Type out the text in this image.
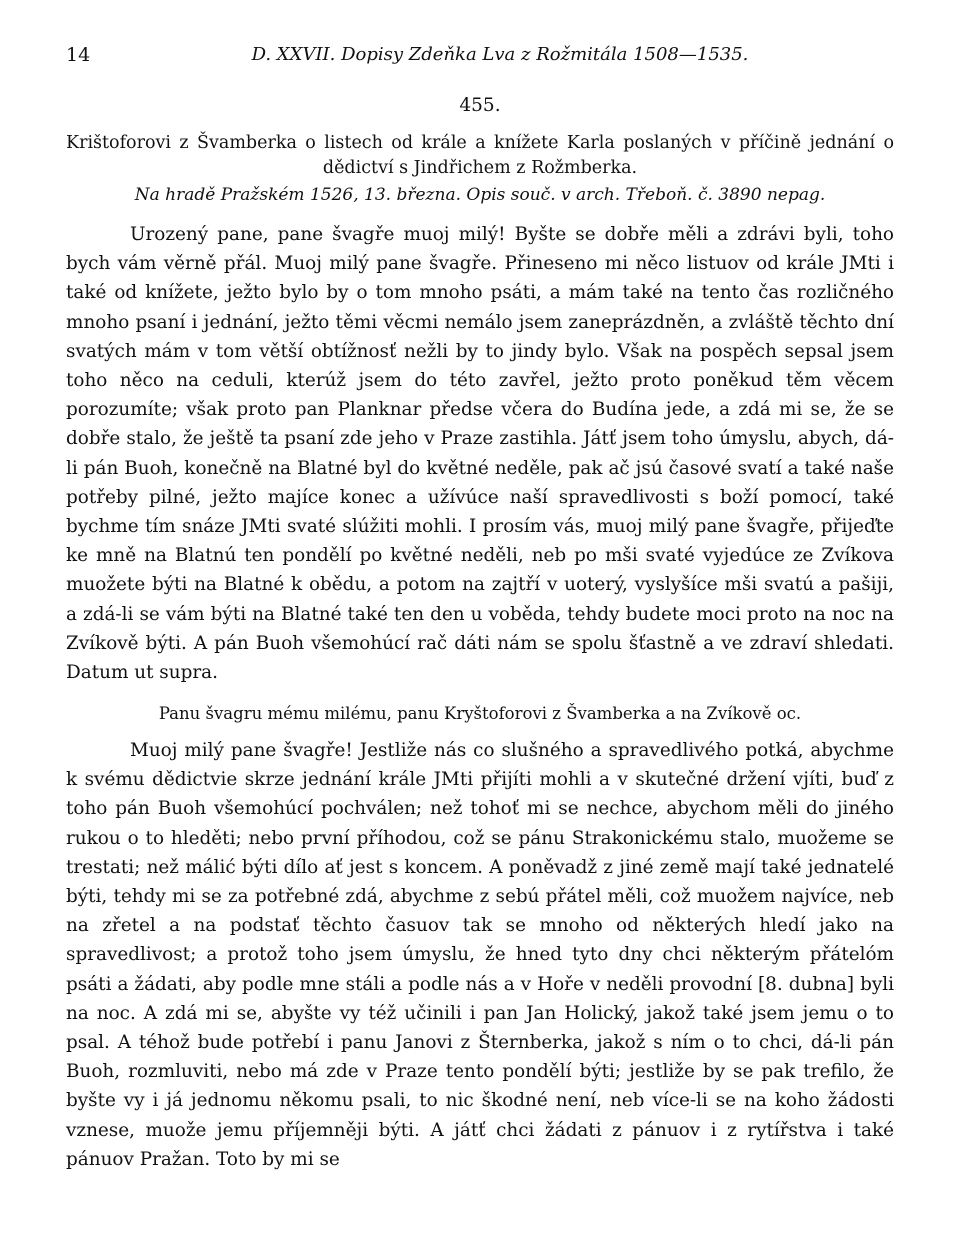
14	D. XXVII. Dopisy Zdeňka Lva z Rožmitála 1508—1535.
455.
Krištoforovi z Švamberka o listech od krále a knížete Karla poslaných v příčině jednání o dědictví s Jindřichem z Rožmberka.
Na hradě Pražském 1526, 13. března. Opis souč. v arch. Třeboň. č. 3890 nepag.

Urozený pane, pane švagře muoj milý! Byšte se dobře měli a zdrávi byli, toho bych vám věrně přál. Muoj milý pane švagře. Přineseno mi něco listuov od krále JMti i také od knížete, ježto bylo by o tom mnoho psáti, a mám také na tento čas rozličného mnoho psaní i jednání, ježto těmi věcmi nemálo jsem zaneprázdněn, a zvláště těchto dní svatých mám v tom větší obtížnosť nežli by to jindy bylo. Však na pospěch sepsal jsem toho něco na ceduli, kterúž jsem do této zavřel, ježto proto poněkud těm věcem porozumíte; však proto pan Planknar předse včera do Budína jede, a zdá mi se, že se dobře stalo, že ještě ta psaní zde jeho v Praze zastihla. Játť jsem toho úmyslu, abych, dá-li pán Buoh, konečně na Blatné byl do květné neděle, pak ač jsú časové svatí a také naše potřeby pilné, ježto majíce konec a užívúce naší spravedlivosti s boží pomocí, také bychme tím snáze JMti svaté slúžiti mohli. I prosím vás, muoj milý pane švagře, přijeďte ke mně na Blatnú ten pondělí po květné neděli, neb po mši svaté vyjedúce ze Zvíkova muožete býti na Blatné k obědu, a potom na zajtří v uoterý, vyslyšíce mši svatú a pašiji, a zdá-li se vám býti na Blatné také ten den u voběda, tehdy budete moci proto na noc na Zvíkově býti. A pán Buoh všemohúcí rač dáti nám se spolu šťastně a ve zdraví shledati. Datum ut supra.

Panu švagru mému milému, panu Kryštoforovi z Švamberka a na Zvíkově oc.

Muoj milý pane švagře! Jestliže nás co slušného a spravedlivého potká, abychme k svému dědictvie skrze jednání krále JMti přijíti mohli a v skutečné držení vjíti, buď z toho pán Buoh všemohúcí pochválen; než tohoť mi se nechce, abychom měli do jiného rukou o to hleděti; nebo první příhodou, což se pánu Strakonickému stalo, muožeme se trestati; než málić býti dílo ať jest s koncem. A poněvadž z jiné země mají také jednatelé býti, tehdy mi se za potřebné zdá, abychme z sebú přátel měli, což muožem najvíce, neb na zřetel a na podstať těchto časuov tak se mnoho od některých hledí jako na spravedlivost; a protož toho jsem úmyslu, že hned tyto dny chci některým přátelóm psáti a žádati, aby podle mne stáli a podle nás a v Hoře v neděli provodní [8. dubna] byli na noc. A zdá mi se, abyšte vy též učinili i pan Jan Holický, jakož také jsem jemu o to psal. A téhož bude potřebí i panu Janovi z Šternberka, jakož s ním o to chci, dá-li pán Buoh, rozmluviti, nebo má zde v Praze tento pondělí býti; jestliže by se pak trefilo, že byšte vy i já jednomu někomu psali, to nic škodné není, neb více-li se na koho žádosti vznese, muože jemu příjemněji býti. A játť chci žádati z pánuov i z rytířstva i také pánuov Pražan. Toto by mi se
